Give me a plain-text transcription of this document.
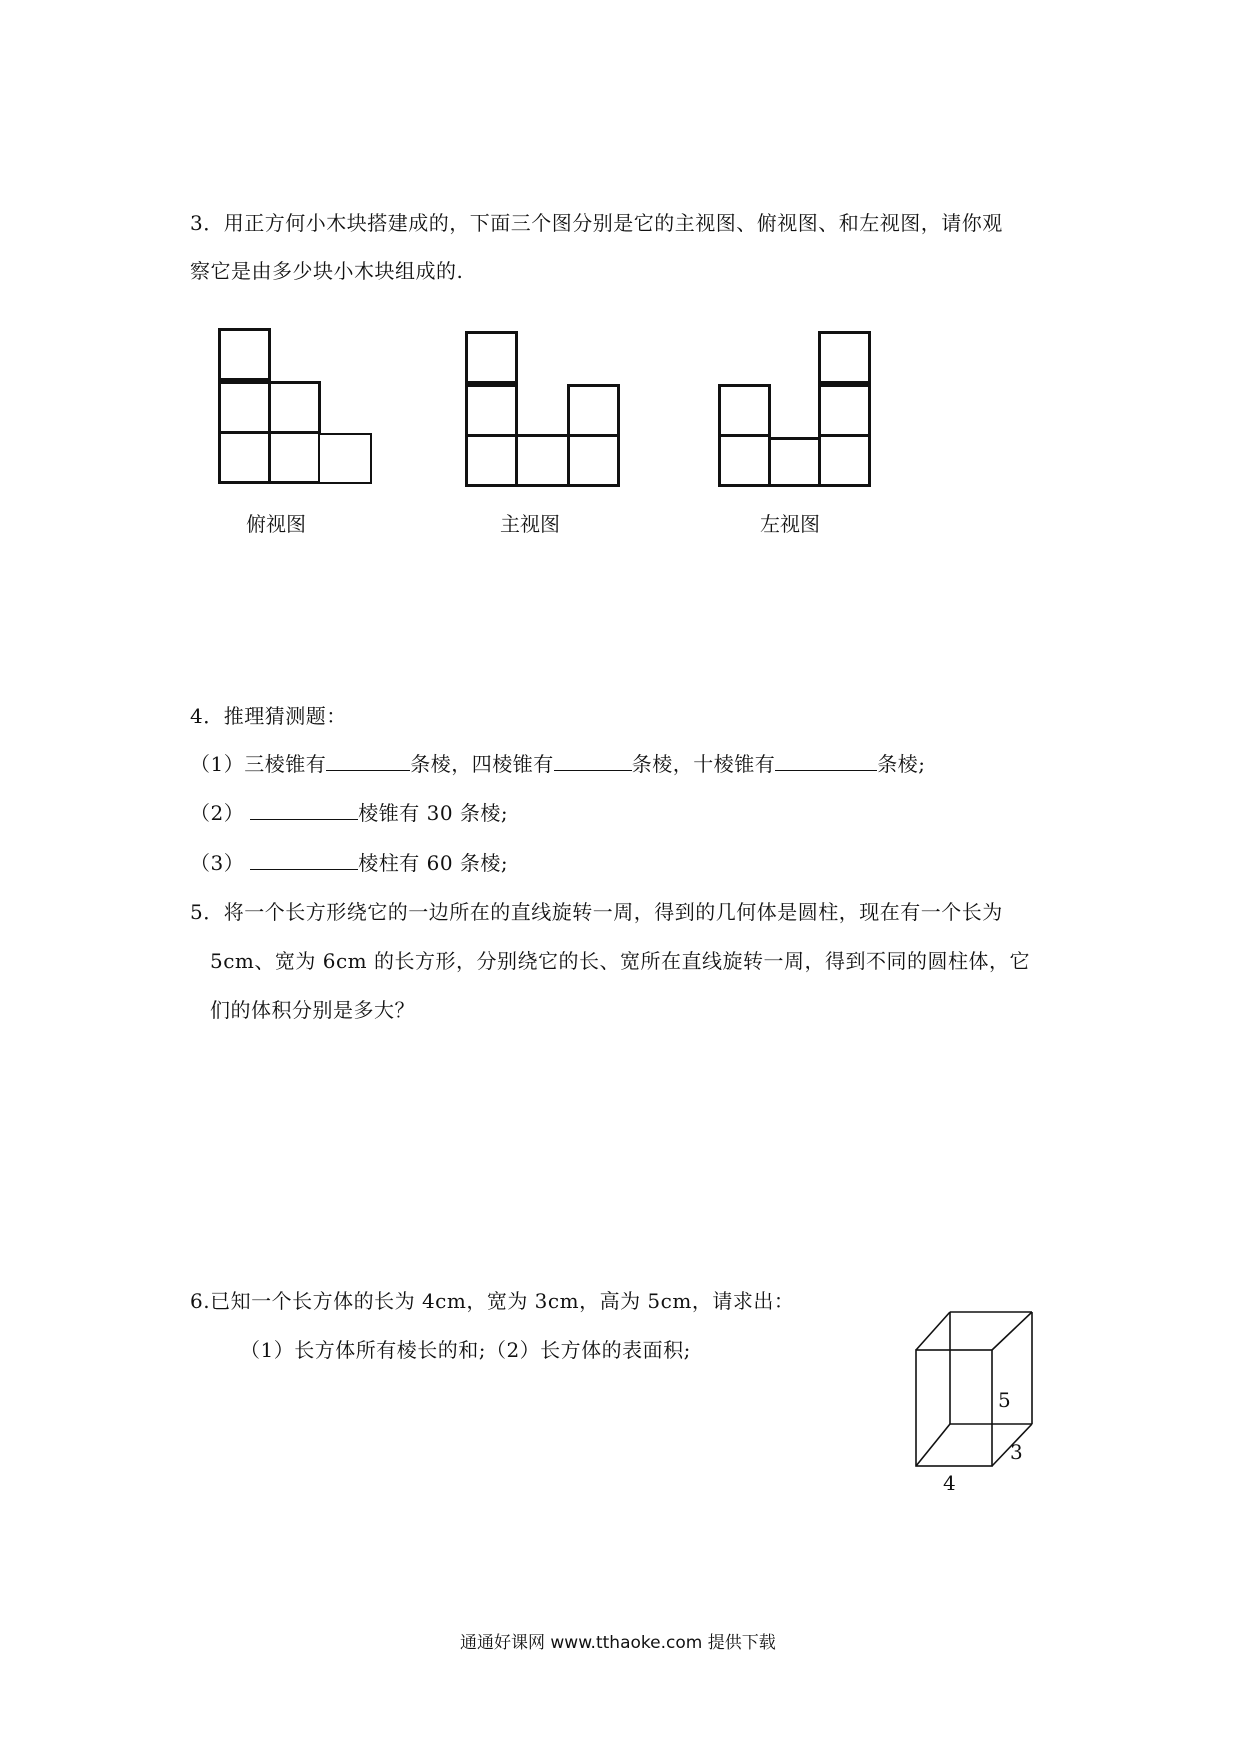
3．用正方何小木块搭建成的，下面三个图分别是它的主视图、俯视图、和左视图，请你观
察它是由多少块小木块组成的.
俯视图	主视图	左视图
4．推理猜测题：
（1）三棱锥有	条棱，四棱锥有	条棱，十棱锥有	条棱;
（2）	棱锥有 30 条棱;
（3）	棱柱有 60 条棱;
5．将一个长方形绕它的一边所在的直线旋转一周，得到的几何体是圆柱，现在有一个长为
5cm、宽为 6cm 的长方形，分别绕它的长、宽所在直线旋转一周，得到不同的圆柱体，它
们的体积分别是多大？
6.已知一个长方体的长为 4cm，宽为 3cm，高为 5cm，请求出：
（1）长方体所有棱长的和;（2）长方体的表面积;
5
3
4
通通好课网 www.tthaoke.com 提供下载
